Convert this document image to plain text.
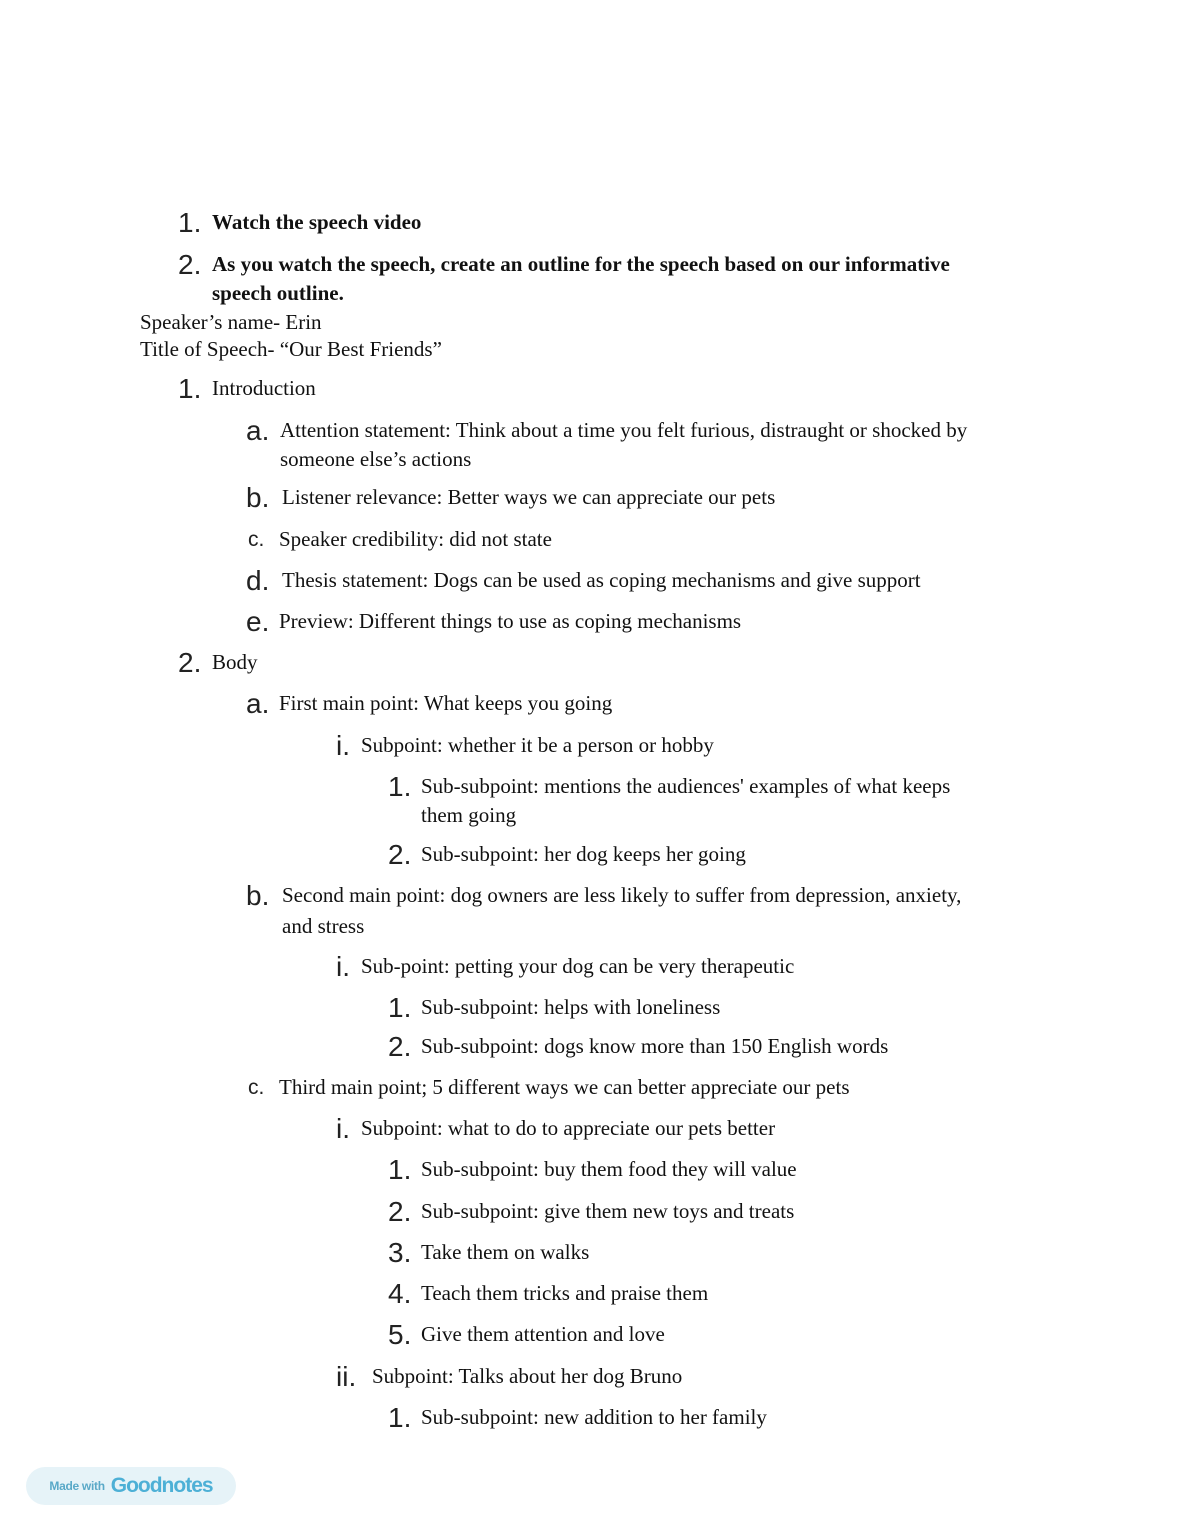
1. Watch the speech video
2. As you watch the speech, create an outline for the speech based on our informative
speech outline.
Speaker’s name- Erin
Title of Speech- “Our Best Friends”
1. Introduction
a. Attention statement: Think about a time you felt furious, distraught or shocked by
someone else’s actions
b. Listener relevance: Better ways we can appreciate our pets
c. Speaker credibility: did not state
d. Thesis statement: Dogs can be used as coping mechanisms and give support
e. Preview: Different things to use as coping mechanisms
2. Body
a. First main point: What keeps you going
i. Subpoint: whether it be a person or hobby
1. Sub-subpoint: mentions the audiences' examples of what keeps
them going
2. Sub-subpoint: her dog keeps her going
b. Second main point: dog owners are less likely to suffer from depression, anxiety,
and stress
i. Sub-point: petting your dog can be very therapeutic
1. Sub-subpoint: helps with loneliness
2. Sub-subpoint: dogs know more than 150 English words
c. Third main point; 5 different ways we can better appreciate our pets
i. Subpoint: what to do to appreciate our pets better
1. Sub-subpoint: buy them food they will value
2. Sub-subpoint: give them new toys and treats
3. Take them on walks
4. Teach them tricks and praise them
5. Give them attention and love
ii. Subpoint: Talks about her dog Bruno
1. Sub-subpoint: new addition to her family
Made with Goodnotes
